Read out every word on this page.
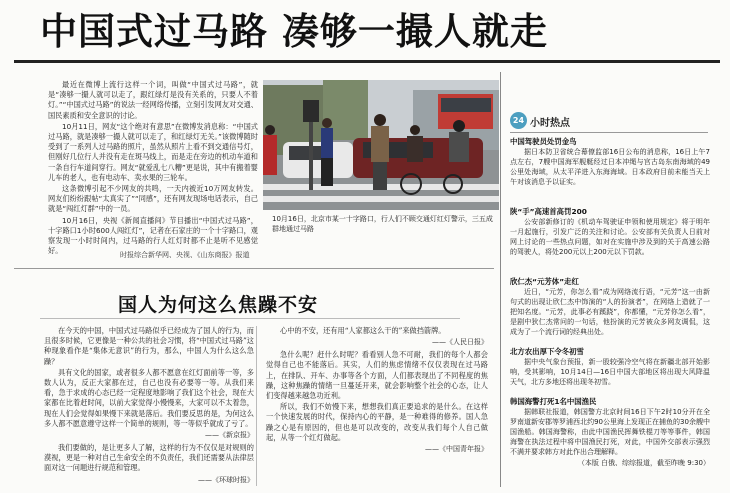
中国式过马路 凑够一撮人就走

最近在微博上流行这样一个词，叫做“中国式过马路”，就是“凑够一撮人就可以走了，跟红绿灯是没有关系的，只要人不着灯。”“中国式过马路”的说法一经网络传播，立刻引发网友对交通、国民素质和安全意识的讨论。

10月11日，网友“这个绝对有意思”在微博发消息称：“中国式过马路，就是凑够一撮人就可以走了，和红绿灯无关。”该微博随时受到了一系列人过马路的照片，虽然从照片上看不到交通信号灯，但刚好几位行人并没有走在斑马线上，而是走在旁边的机动车道和一条自行车道间穿行。网友“就爱乱七八糟”更是说，其中有搬着婴儿车的老人，也有电动车、卖水果的三轮车。

这条微博引起不少网友的共鸣，一天内被近10万网友转发。网友们纷纷跟帖“太真实了”“同感”，还有网友现场电话表示，自己就是“闯红灯群”中的一员。

10月16日，央视《新闻直播间》节目播出“中国式过马路”，十字路口1小时600人闯红灯”，记者在石家庄的一个十字路口，观察发现一小时时间内，过马路的行人红灯时都不止是听不见感觉好。	时报综合新华网、央视、《山东商报》报道
10月16日，北京市某一十字路口，行人们不顾交通灯红灯警示，三五成群地通过马路
24 小时热点
中国驾驶员处罚金鸟
据日本防卫省统合幕僚监部16日公布的消息称，16日上午7点左右，7艘中国海军舰艇经过日本冲绳与宫古岛东南海域的49公里处海域，从太平洋进入东海海域。日本政府目前未能当天上午对该消息予以证实。
陕“手”高速首高罚200
公安部新修订的《机动车驾驶证申领和使用规定》将于明年一月起施行，引发广泛的关注和讨论。公安部有关负责人日前对网上讨论的一些热点问题，如对在实施中涉及到的关于高速公路的驾驶人，将处200元以上200元以下罚款。
欣仁杰“元芳体”走红
近日，“元芳，你怎么看”成为网络流行语，“元芳”这一由新句式的出现让欣仁杰中饰演的“人的扮演者”，在网络上造就了一把知名度。“元芳，此事必有蹊跷”，你都懂，“元芳你怎么看”，是剧中狄仁杰常问的一句话，他扮演的元芳被众多网友调侃，这成为了一个流行词的经典出处。
北方农出厚下令冬初雪
据中央气象台预报，新一股较强冷空气将在新疆北部开始影响，受其影响，10月14日—16日中国大部地区将出现大风降温天气，北方多地还将出现冬初雪。
韩国海警打死1名中国渔民
据韩联社报道，韩国警方北京时间16日下午2时10分开在全罗南道新安郡等罗浦西北约90公里海上发现正在捕鱼的30余艘中国渔船。韩国海警称，由此中国渔民挥舞铁棍刀等等事件，韩国海警在执法过程中将中国渔民打死，对此，中国外交部表示强烈不满并要求韩方对此作出合理解释。
（本版 白俄、综综报道，截至昨晚 9:30）
国人为何这么焦躁不安

在今天的中国，中国式过马路似乎已经成为了国人的行为，而且很多时候，它更像是一种公共的社会习惯，将“中国式过马路”这种现象看作是“集体无意识”的行为，那么，中国人为什么这么急躁？

具有文化的国家，或者很多人都不愿意在红灯面前等一等，多数人认为，反正大家都在过，自己也没有必要等一等。从我们来看，急于求成的心态已经一定程度地影响了我们这个社会，现在大家都在比着赶时间，以前大家觉得小慢慢来，大家可以不太着急，现在人们会觉得如果慢下来就是落后。我们要反思的是，为何这么多人都不愿意遵守这样一个简单的规则，等一等似乎就成了亏了。

——《新京报》

我们要做的，是让更多人了解，这样的行为不仅仅是对规则的漠视，更是一种对自己生命安全的不负责任，我们还需要从法律层面对这一问题进行规范和管理。

——《环球时报》

心中的不安，还有用“人家都这么干的”来做挡箭牌。

——《人民日报》

急什么呢？赶什么时呢？看看别人急不可耐，我们的每个人都会觉得自己也不能落后。其实，人们的焦虑情绪不仅仅表现在过马路上，在排队、开车、办事等各个方面，人们都表现出了不同程度的焦躁，这种焦躁的情绪一旦蔓延开来，就会影响整个社会的心态，让人们变得越来越急功近利。

所以，我们不妨慢下来，想想我们真正要追求的是什么。在这样一个快速发展的时代，保持内心的平静，是一种难得的修养。国人急躁之心是有原因的，但也是可以改变的，改变从我们每个人自己做起，从等一个红灯做起。

——《中国青年报》
